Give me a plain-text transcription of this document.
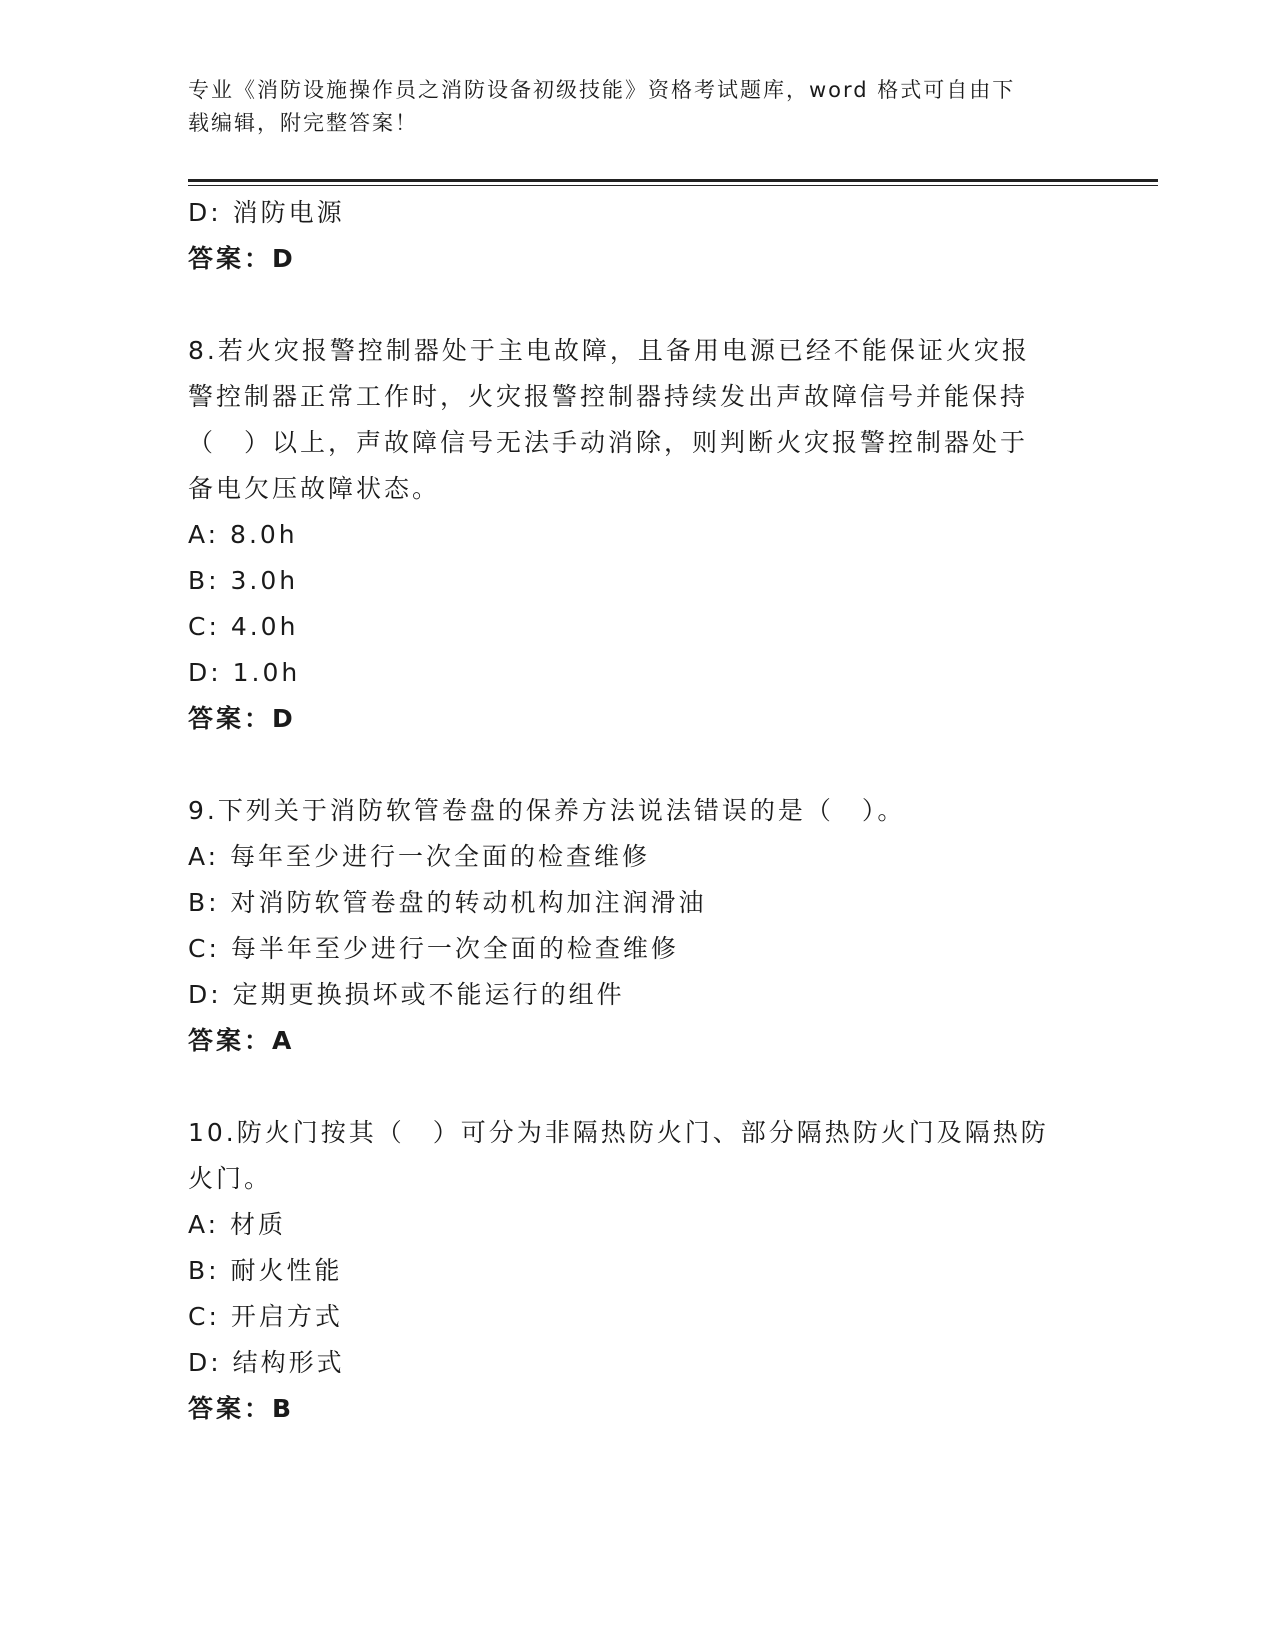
专业《消防设施操作员之消防设备初级技能》资格考试题库，word 格式可自由下
载编辑，附完整答案！
D: 消防电源
答案：D
8.若火灾报警控制器处于主电故障，且备用电源已经不能保证火灾报
警控制器正常工作时，火灾报警控制器持续发出声故障信号并能保持
（　）以上，声故障信号无法手动消除，则判断火灾报警控制器处于
备电欠压故障状态。
A: 8.0h
B: 3.0h
C: 4.0h
D: 1.0h
答案：D
9.下列关于消防软管卷盘的保养方法说法错误的是（　）。
A: 每年至少进行一次全面的检查维修
B: 对消防软管卷盘的转动机构加注润滑油
C: 每半年至少进行一次全面的检查维修
D: 定期更换损坏或不能运行的组件
答案：A
10.防火门按其（　）可分为非隔热防火门、部分隔热防火门及隔热防
火门。
A: 材质
B: 耐火性能
C: 开启方式
D: 结构形式
答案：B
